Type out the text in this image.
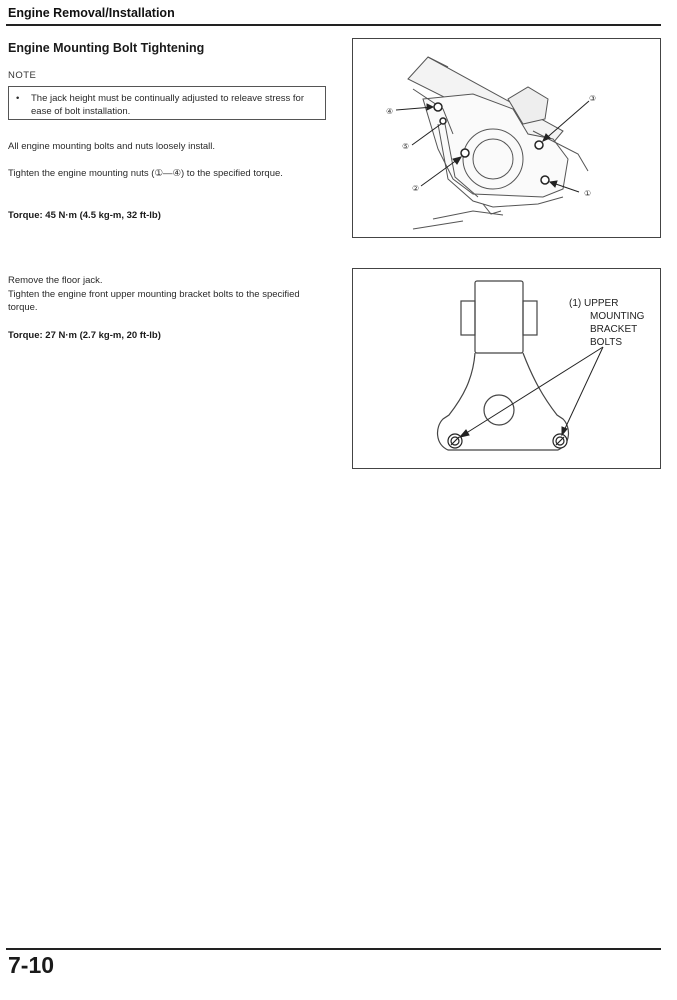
Engine Removal/Installation
Engine Mounting Bolt Tightening
NOTE
• The jack height must be continually adjusted to releave stress for ease of bolt installation.
All engine mounting bolts and nuts loosely install.
Tighten the engine mounting nuts (①—④) to the specified torque.
Torque: 45 N·m (4.5 kg-m, 32 ft-lb)
Remove the floor jack.
Tighten the engine front upper mounting bracket bolts to the specified torque.
Torque: 27 N·m (2.7 kg-m, 20 ft-lb)
④
⑤
②
③
①
(1) UPPER
MOUNTING
BRACKET
BOLTS
7-10
